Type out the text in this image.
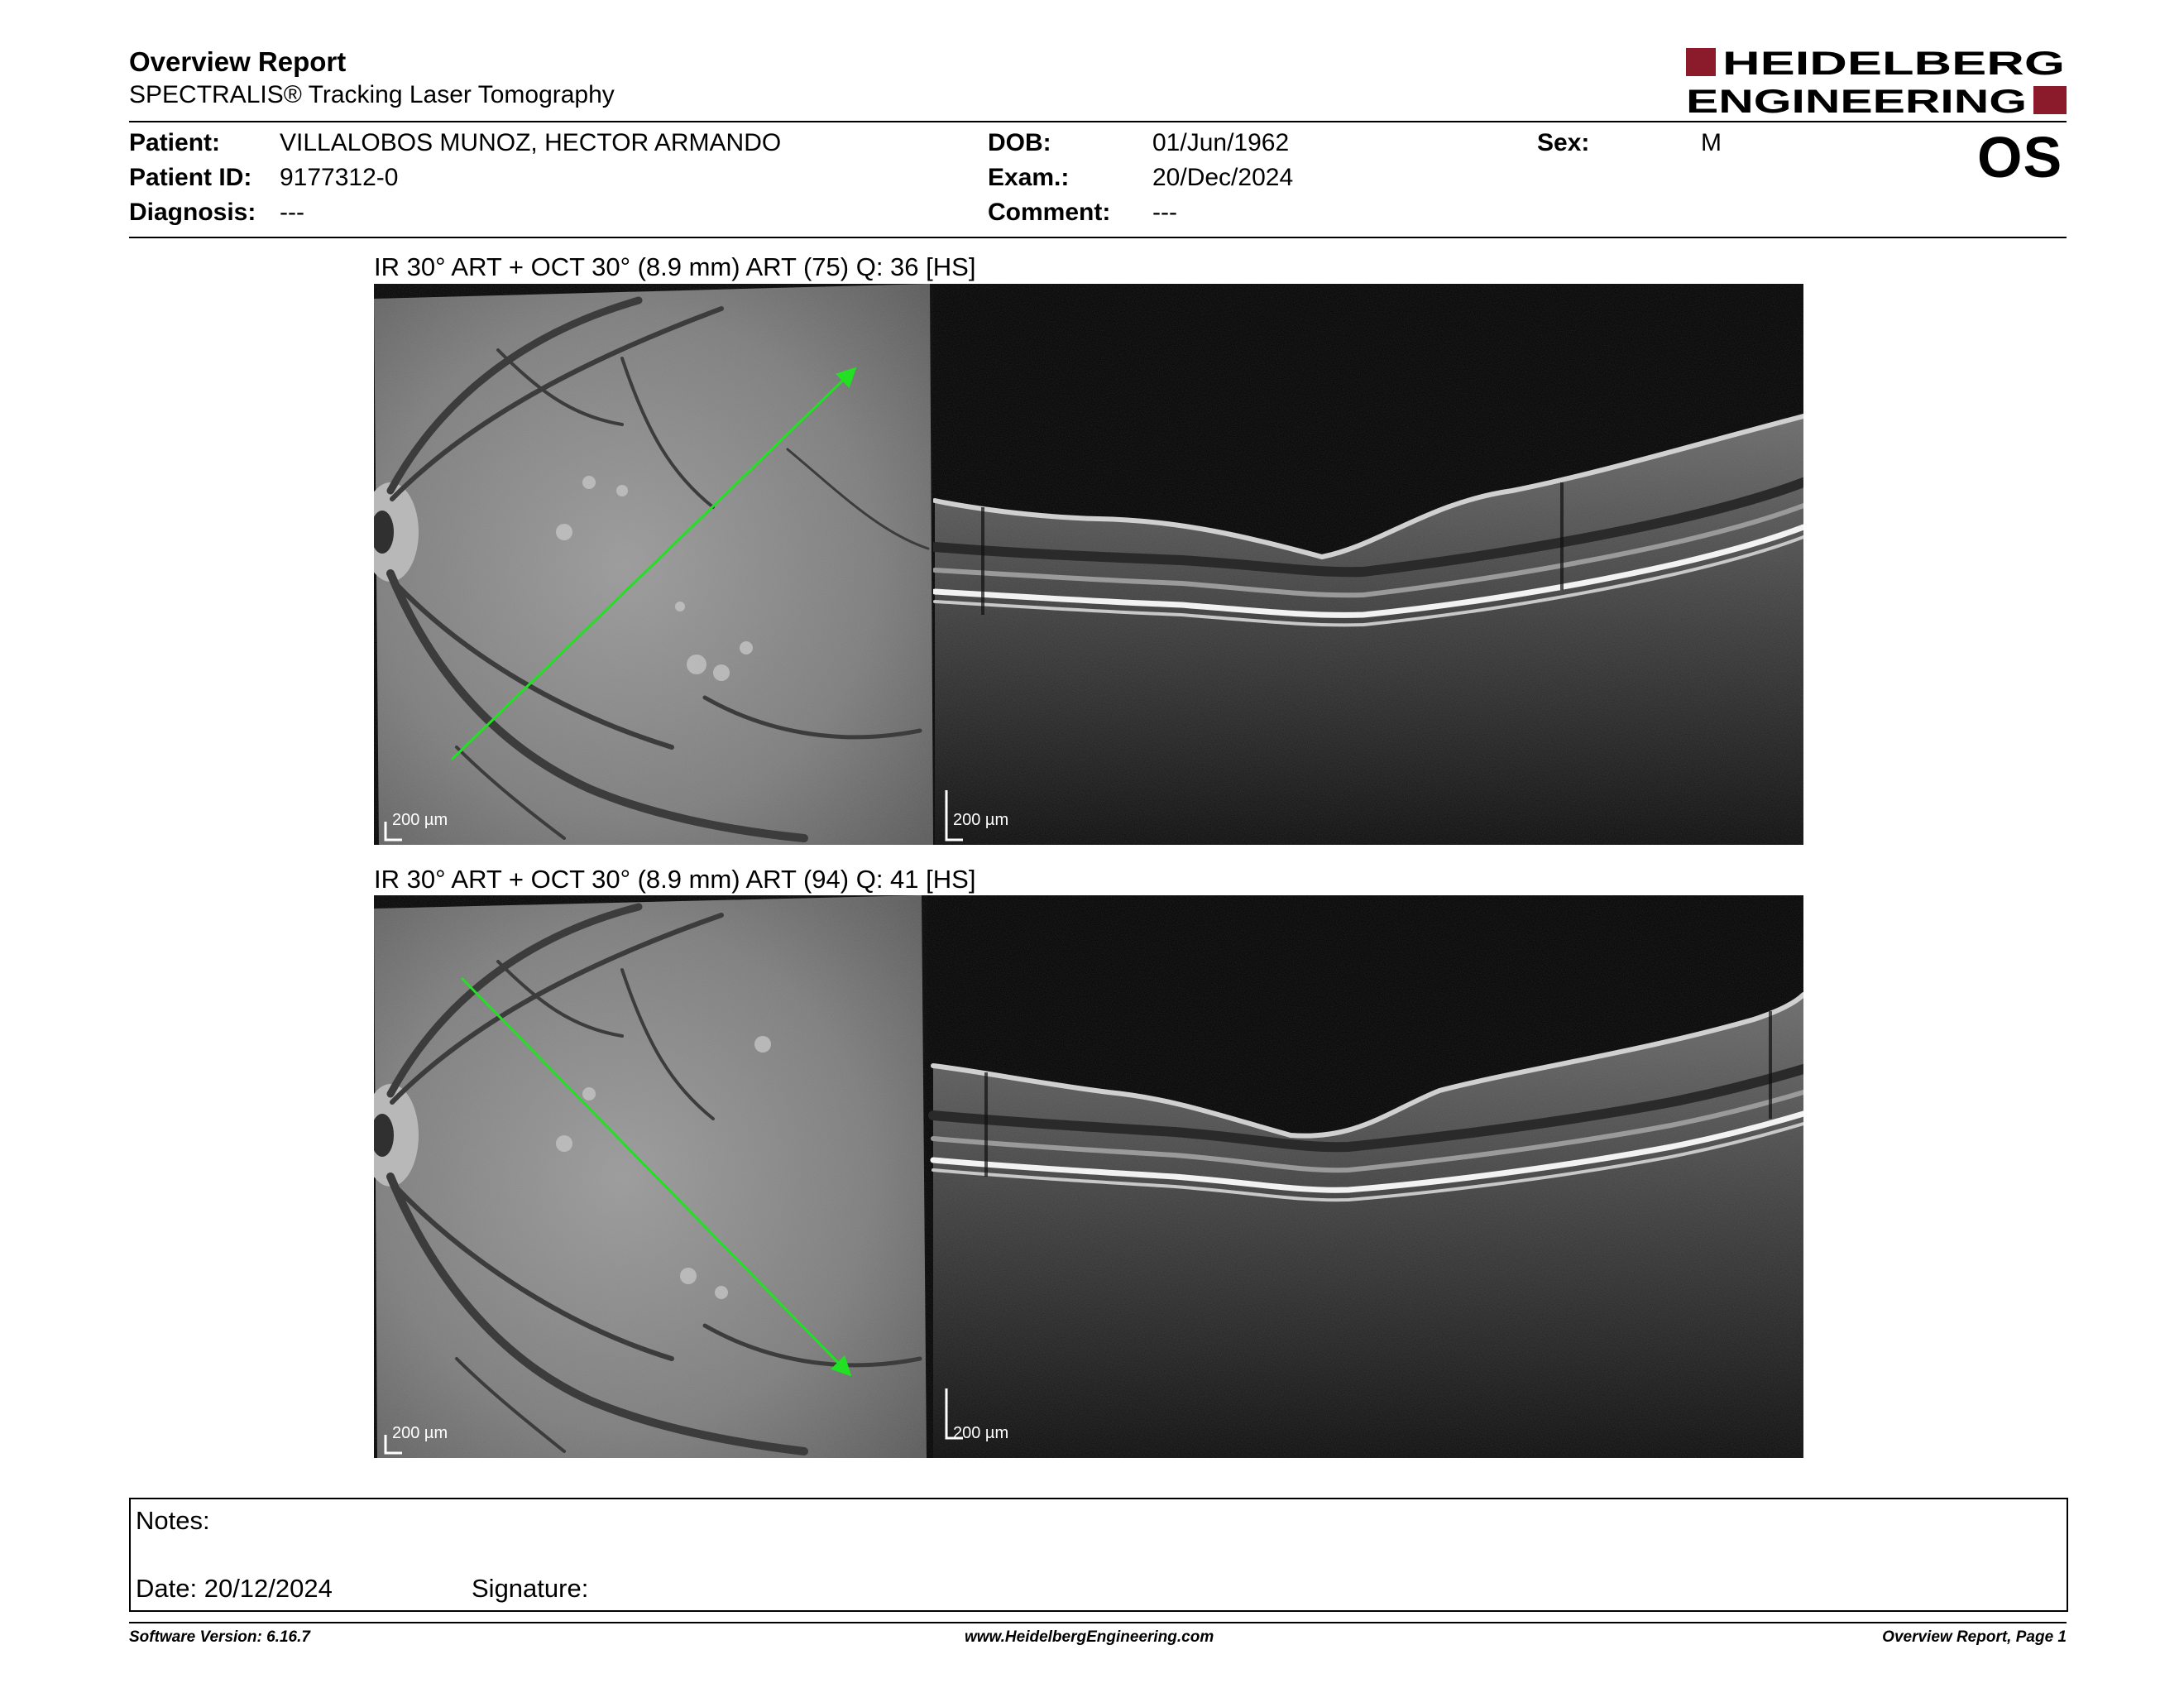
Overview Report
SPECTRALIS® Tracking Laser Tomography
HEIDELBERG
ENGINEERING
OS
Patient: VILLALOBOS MUNOZ, HECTOR ARMANDO
Patient ID: 9177312-0
Diagnosis: ---
DOB:	01/Jun/1962
Exam.:	20/Dec/2024
Comment: ---
Sex:	M
IR 30° ART + OCT 30° (8.9 mm) ART (75) Q: 36 [HS]
200 µm	200 µm
IR 30° ART + OCT 30° (8.9 mm) ART (94) Q: 41 [HS]
200 µm	200 µm
Notes:
Date: 20/12/2024	Signature:
Software Version: 6.16.7	www.HeidelbergEngineering.com	Overview Report, Page 1
